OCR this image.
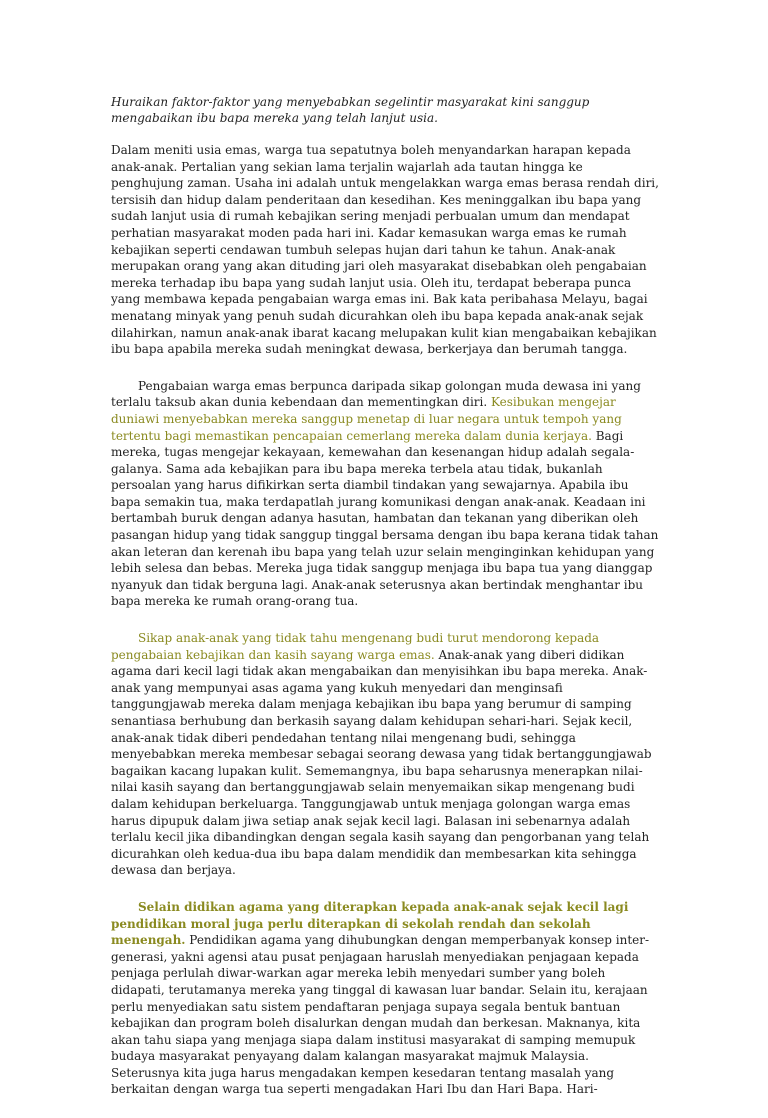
Huraikan faktor-faktor yang menyebabkan segelintir masyarakat kini sanggup mengabaikan ibu bapa mereka yang telah lanjut usia.

Dalam meniti usia emas, warga tua sepatutnya boleh menyandarkan harapan kepada anak-anak. Pertalian yang sekian lama terjalin wajarlah ada tautan hingga ke penghujung zaman. Usaha ini adalah untuk mengelakkan warga emas berasa rendah diri, tersisih dan hidup dalam penderitaan dan kesedihan. Kes meninggalkan ibu bapa yang sudah lanjut usia di rumah kebajikan sering menjadi perbualan umum dan mendapat perhatian masyarakat moden pada hari ini. Kadar kemasukan warga emas ke rumah kebajikan seperti cendawan tumbuh selepas hujan dari tahun ke tahun. Anak-anak merupakan orang yang akan dituding jari oleh masyarakat disebabkan oleh pengabaian mereka terhadap ibu bapa yang sudah lanjut usia. Oleh itu, terdapat beberapa punca yang membawa kepada pengabaian warga emas ini. Bak kata peribahasa Melayu, bagai menatang minyak yang penuh sudah dicurahkan oleh ibu bapa kepada anak-anak sejak dilahirkan, namun anak-anak ibarat kacang melupakan kulit kian mengabaikan kebajikan ibu bapa apabila mereka sudah meningkat dewasa, berkerjaya dan berumah tangga.

Pengabaian warga emas berpunca daripada sikap golongan muda dewasa ini yang terlalu taksub akan dunia kebendaan dan mementingkan diri. Kesibukan mengejar duniawi menyebabkan mereka sanggup menetap di luar negara untuk tempoh yang tertentu bagi memastikan pencapaian cemerlang mereka dalam dunia kerjaya. Bagi mereka, tugas mengejar kekayaan, kemewahan dan kesenangan hidup adalah segala-galanya. Sama ada kebajikan para ibu bapa mereka terbela atau tidak, bukanlah persoalan yang harus difikirkan serta diambil tindakan yang sewajarnya. Apabila ibu bapa semakin tua, maka terdapatlah jurang komunikasi dengan anak-anak. Keadaan ini bertambah buruk dengan adanya hasutan, hambatan dan tekanan yang diberikan oleh pasangan hidup yang tidak sanggup tinggal bersama dengan ibu bapa kerana tidak tahan akan leteran dan kerenah ibu bapa yang telah uzur selain menginginkan kehidupan yang lebih selesa dan bebas. Mereka juga tidak sanggup menjaga ibu bapa tua yang dianggap nyanyuk dan tidak berguna lagi. Anak-anak seterusnya akan bertindak menghantar ibu bapa mereka ke rumah orang-orang tua.

Sikap anak-anak yang tidak tahu mengenang budi turut mendorong kepada pengabaian kebajikan dan kasih sayang warga emas. Anak-anak yang diberi didikan agama dari kecil lagi tidak akan mengabaikan dan menyisihkan ibu bapa mereka. Anak-anak yang mempunyai asas agama yang kukuh menyedari dan menginsafi tanggungjawab mereka dalam menjaga kebajikan ibu bapa yang berumur di samping senantiasa berhubung dan berkasih sayang dalam kehidupan sehari-hari. Sejak kecil, anak-anak tidak diberi pendedahan tentang nilai mengenang budi, sehingga menyebabkan mereka membesar sebagai seorang dewasa yang tidak bertanggungjawab bagaikan kacang lupakan kulit. Sememangnya, ibu bapa seharusnya menerapkan nilai-nilai kasih sayang dan bertanggungjawab selain menyemaikan sikap mengenang budi dalam kehidupan berkeluarga. Tanggungjawab untuk menjaga golongan warga emas harus dipupuk dalam jiwa setiap anak sejak kecil lagi. Balasan ini sebenarnya adalah terlalu kecil jika dibandingkan dengan segala kasih sayang dan pengorbanan yang telah dicurahkan oleh kedua-dua ibu bapa dalam mendidik dan membesarkan kita sehingga dewasa dan berjaya.

Selain didikan agama yang diterapkan kepada anak-anak sejak kecil lagi pendidikan moral juga perlu diterapkan di sekolah rendah dan sekolah menengah. Pendidikan agama yang dihubungkan dengan memperbanyak konsep inter-generasi, yakni agensi atau pusat penjagaan haruslah menyediakan penjagaan kepada penjaga perlulah diwar-warkan agar mereka lebih menyedari sumber yang boleh didapati, terutamanya mereka yang tinggal di kawasan luar bandar. Selain itu, kerajaan perlu menyediakan satu sistem pendaftaran penjaga supaya segala bentuk bantuan kebajikan dan program boleh disalurkan dengan mudah dan berkesan. Maknanya, kita akan tahu siapa yang menjaga siapa dalam institusi masyarakat di samping memupuk budaya masyarakat penyayang dalam kalangan masyarakat majmuk Malaysia. Seterusnya kita juga harus mengadakan kempen kesedaran tentang masalah yang berkaitan dengan warga tua seperti mengadakan Hari Ibu dan Hari Bapa. Hari-
